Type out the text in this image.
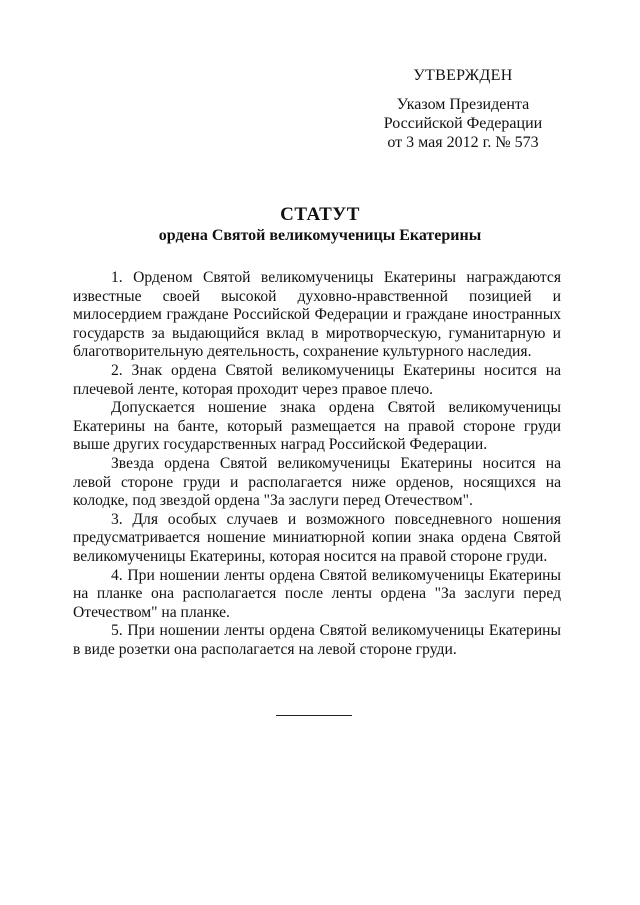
УТВЕРЖДЕН
Указом Президента
Российской Федерации
от 3 мая 2012 г. № 573
СТАТУТ
ордена Святой великомученицы Екатерины

1. Орденом Святой великомученицы Екатерины награждаются известные своей высокой духовно-нравственной позицией и милосердием граждане Российской Федерации и граждане иностранных государств за выдающийся вклад в миротворческую, гуманитарную и благотворительную деятельность, сохранение культурного наследия.

2. Знак ордена Святой великомученицы Екатерины носится на плечевой ленте, которая проходит через правое плечо.

Допускается ношение знака ордена Святой великомученицы Екатерины на банте, который размещается на правой стороне груди выше других государственных наград Российской Федерации.

Звезда ордена Святой великомученицы Екатерины носится на левой стороне груди и располагается ниже орденов, носящихся на колодке, под звездой ордена "За заслуги перед Отечеством".

3. Для особых случаев и возможного повседневного ношения предусматривается ношение миниатюрной копии знака ордена Святой великомученицы Екатерины, которая носится на правой стороне груди.

4. При ношении ленты ордена Святой великомученицы Екатерины на планке она располагается после ленты ордена "За заслуги перед Отечеством" на планке.

5. При ношении ленты ордена Святой великомученицы Екатерины в виде розетки она располагается на левой стороне груди.
